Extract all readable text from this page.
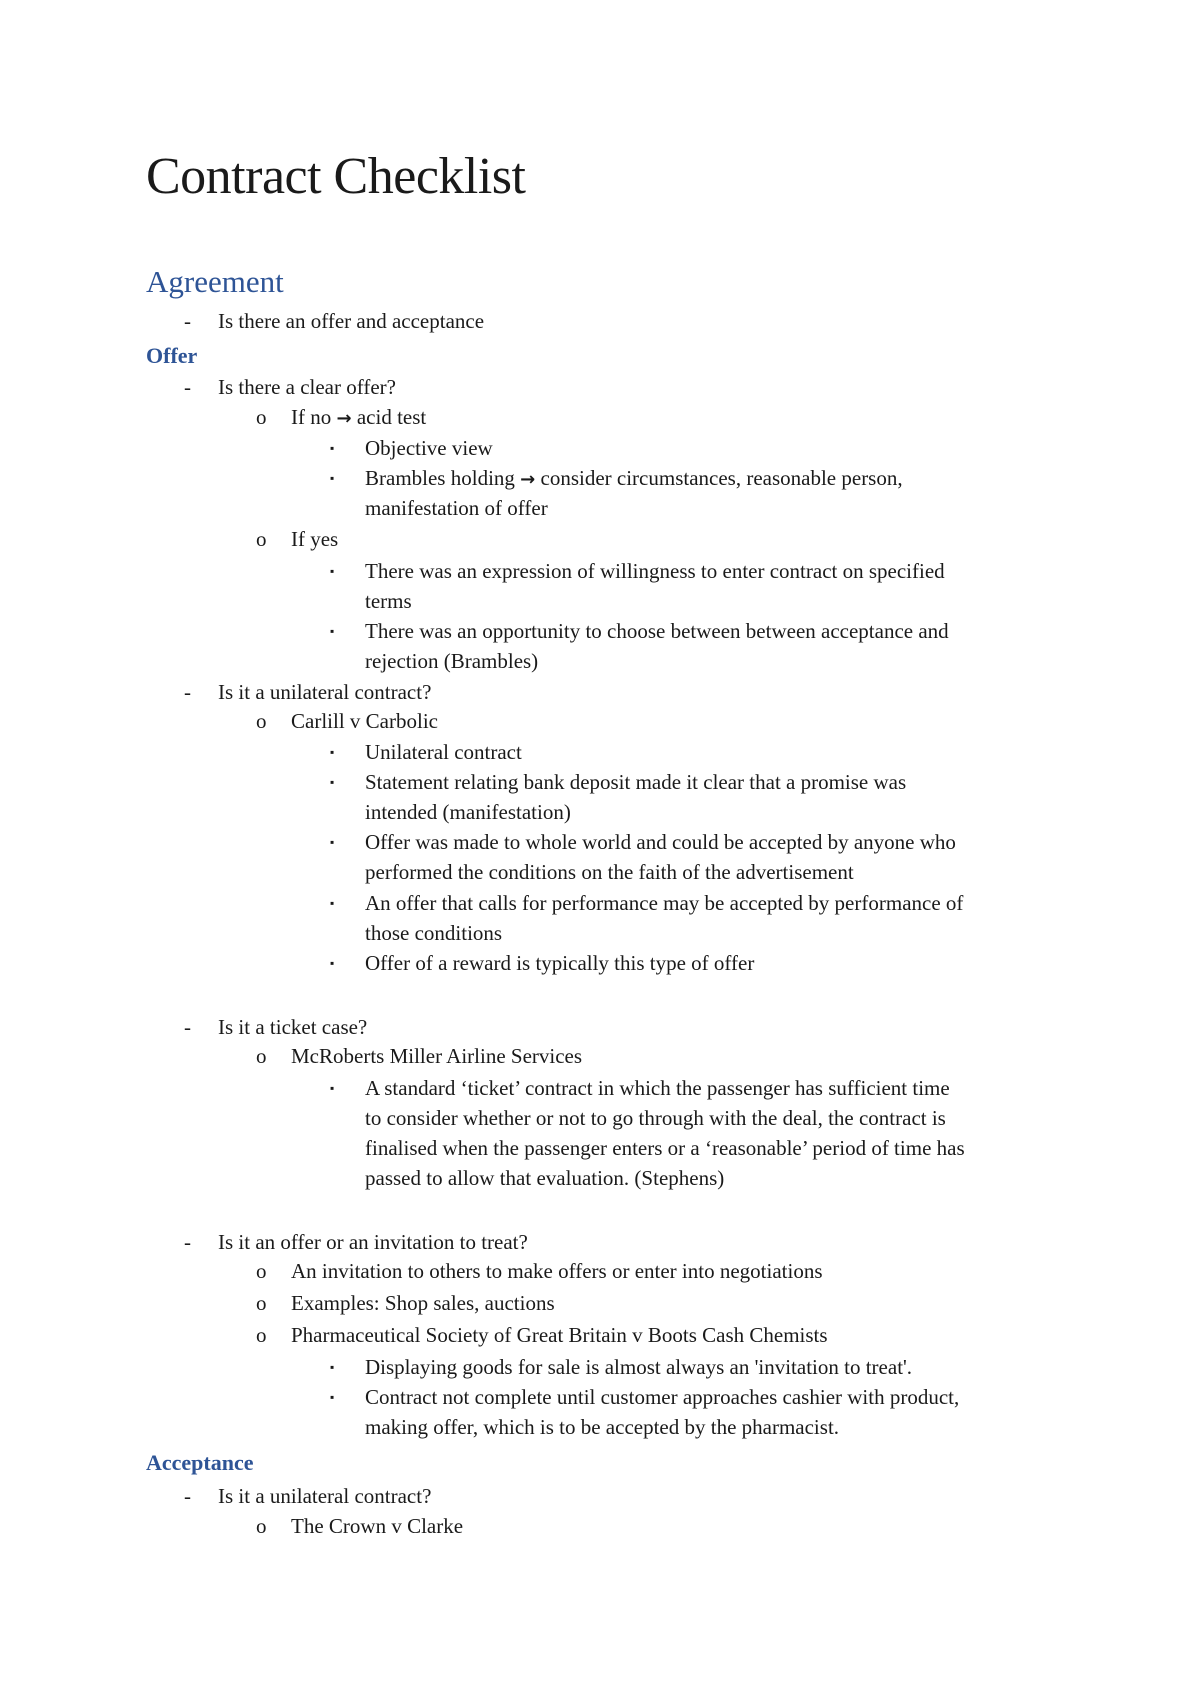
Contract Checklist
Agreement
- Is there an offer and acceptance
Offer
- Is there a clear offer?
o If no → acid test
▪ Objective view
▪ Brambles holding → consider circumstances, reasonable person,
manifestation of offer
o If yes
▪ There was an expression of willingness to enter contract on specified
terms
▪ There was an opportunity to choose between between acceptance and
rejection (Brambles)
- Is it a unilateral contract?
o Carlill v Carbolic
▪ Unilateral contract
▪ Statement relating bank deposit made it clear that a promise was
intended (manifestation)
▪ Offer was made to whole world and could be accepted by anyone who
performed the conditions on the faith of the advertisement
▪ An offer that calls for performance may be accepted by performance of
those conditions
▪ Offer of a reward is typically this type of offer
- Is it a ticket case?
o McRoberts Miller Airline Services
▪ A standard ‘ticket’ contract in which the passenger has sufficient time
to consider whether or not to go through with the deal, the contract is
finalised when the passenger enters or a ‘reasonable’ period of time has
passed to allow that evaluation. (Stephens)
- Is it an offer or an invitation to treat?
o An invitation to others to make offers or enter into negotiations
o Examples: Shop sales, auctions
o Pharmaceutical Society of Great Britain v Boots Cash Chemists
▪ Displaying goods for sale is almost always an 'invitation to treat'.
▪ Contract not complete until customer approaches cashier with product,
making offer, which is to be accepted by the pharmacist.
Acceptance
- Is it a unilateral contract?
o The Crown v Clarke
